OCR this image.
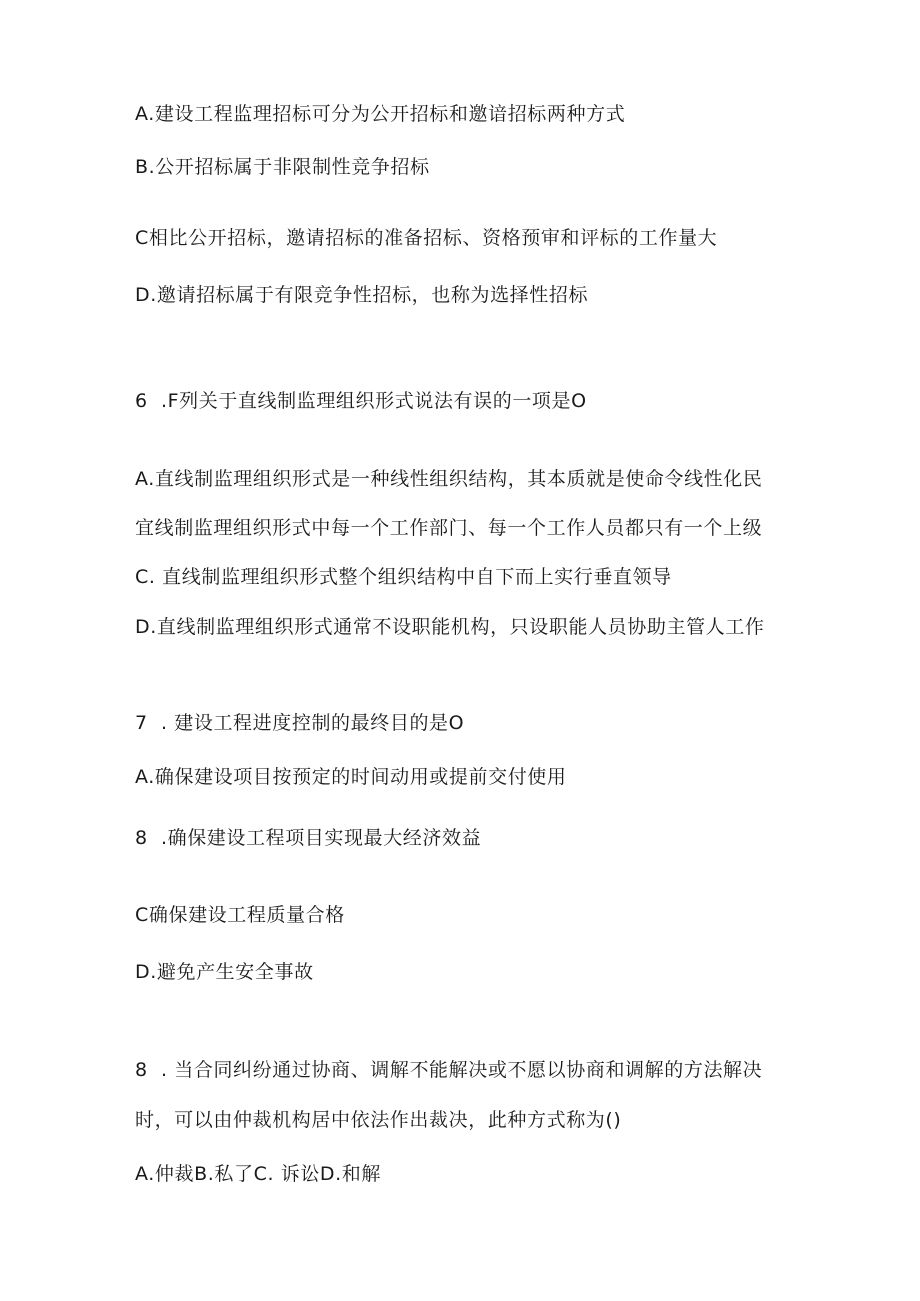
A.建设工程监理招标可分为公开招标和邀谙招标两种方式
B.公开招标属于非限制性竞争招标
C相比公开招标，邀请招标的准备招标、资格预审和评标的工作量大
D.邀请招标属于有限竞争性招标，也称为选择性招标
6  .F列关于直线制监理组织形式说法有误的一项是O
A.直线制监理组织形式是一种线性组织结构，其本质就是使命令线性化民
宜线制监理组织形式中每一个工作部门、每一个工作人员都只有一个上级
C. 直线制监理组织形式整个组织结构中自下而上实行垂直领导
D.直线制监理组织形式通常不设职能机构，只设职能人员协助主管人工作
7  . 建设工程进度控制的最终目的是O
A.确保建设项目按预定的时间动用或提前交付使用
8  .确保建设工程项目实现最大经济效益
C确保建设工程质量合格
D.避免产生安全事故
8  . 当合同纠纷通过协商、调解不能解决或不愿以协商和调解的方法解决
时，可以由仲裁机构居中依法作出裁决，此种方式称为()
A.仲裁B.私了C. 诉讼D.和解
